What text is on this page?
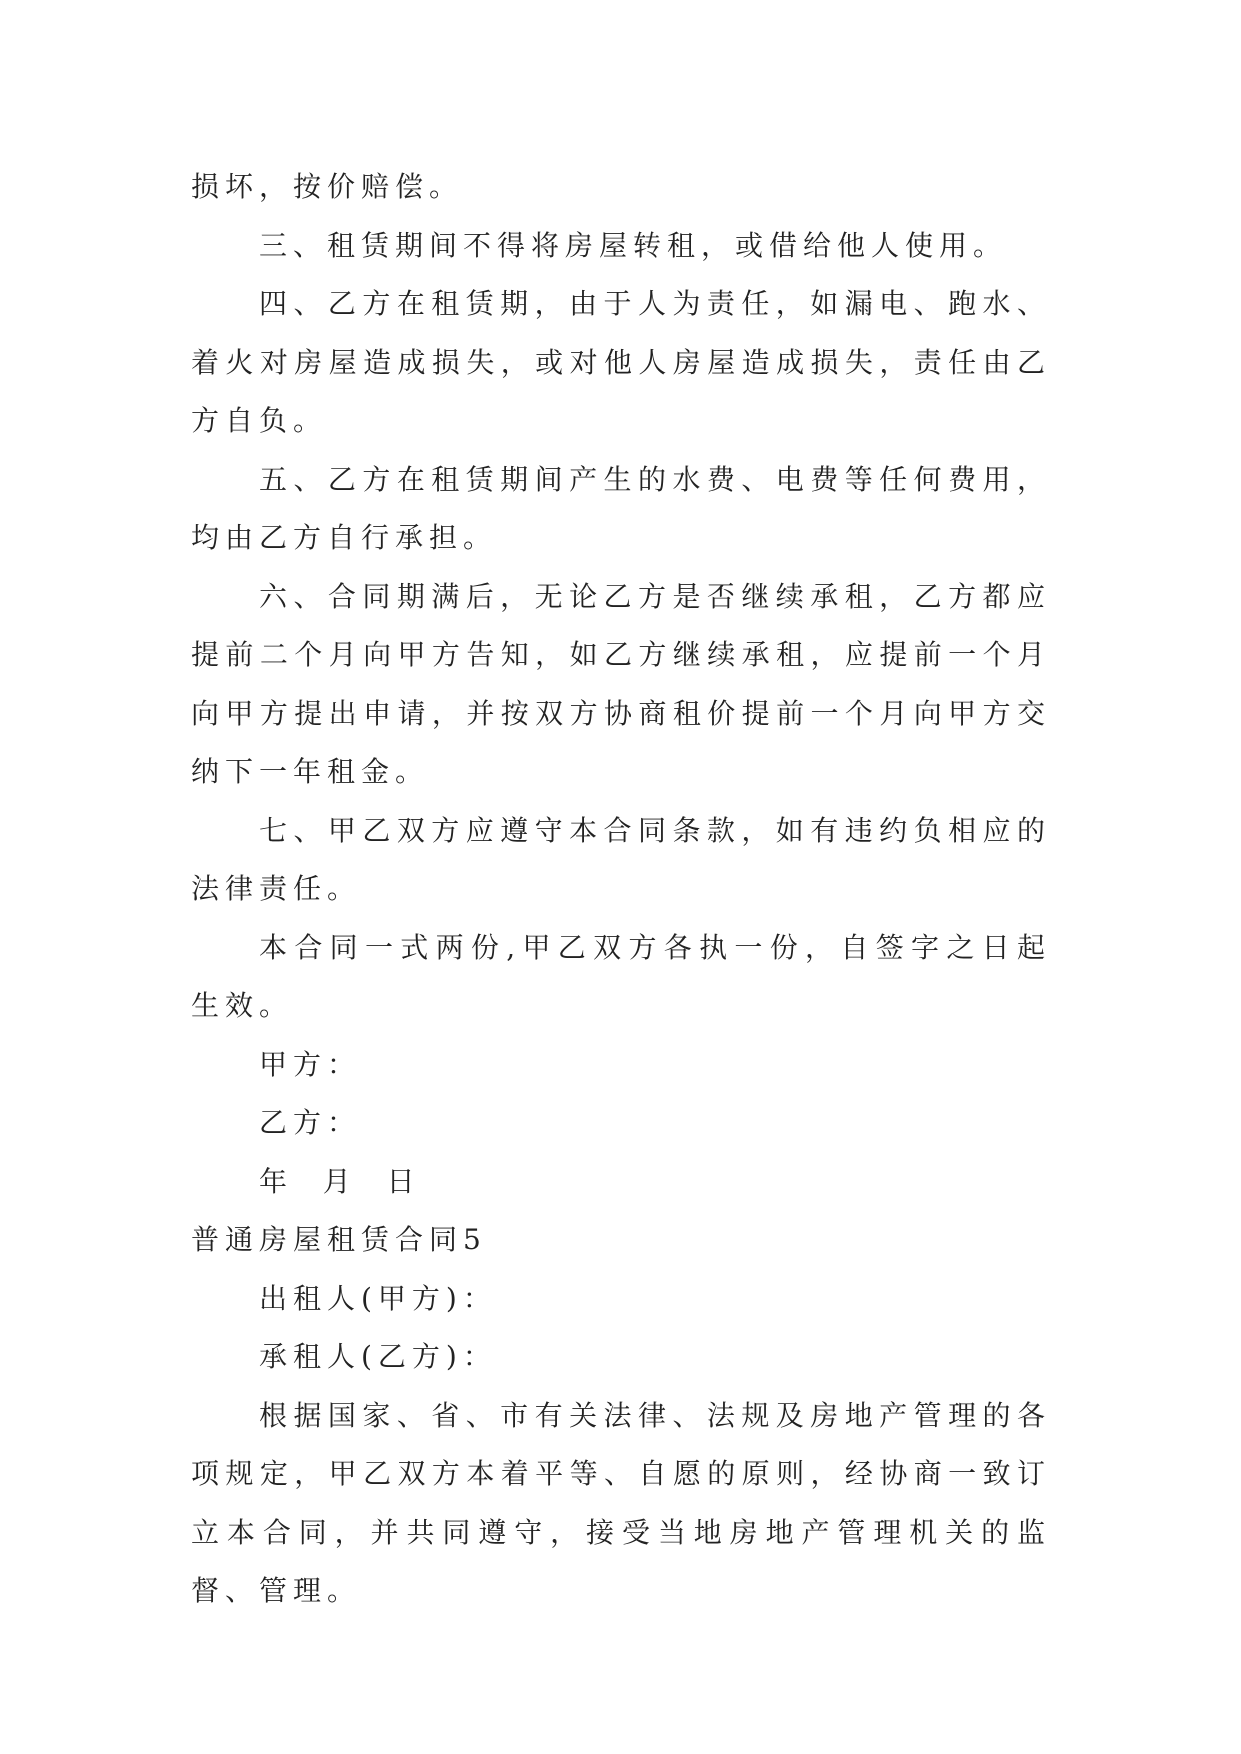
损坏，按价赔偿。

三、租赁期间不得将房屋转租，或借给他人使用。

四、乙方在租赁期，由于人为责任，如漏电、跑水、着火对房屋造成损失，或对他人房屋造成损失，责任由乙方自负。

五、乙方在租赁期间产生的水费、电费等任何费用，均由乙方自行承担。

六、合同期满后，无论乙方是否继续承租，乙方都应提前二个月向甲方告知，如乙方继续承租，应提前一个月向甲方提出申请，并按双方协商租价提前一个月向甲方交纳下一年租金。

七、甲乙双方应遵守本合同条款，如有违约负相应的法律责任。

本合同一式两份,甲乙双方各执一份，自签字之日起生效。

甲方：

乙方：

年  月  日

普通房屋租赁合同5

出租人(甲方)：

承租人(乙方)：

根据国家、省、市有关法律、法规及房地产管理的各项规定，甲乙双方本着平等、自愿的原则，经协商一致订立本合同，并共同遵守，接受当地房地产管理机关的监督、管理。
